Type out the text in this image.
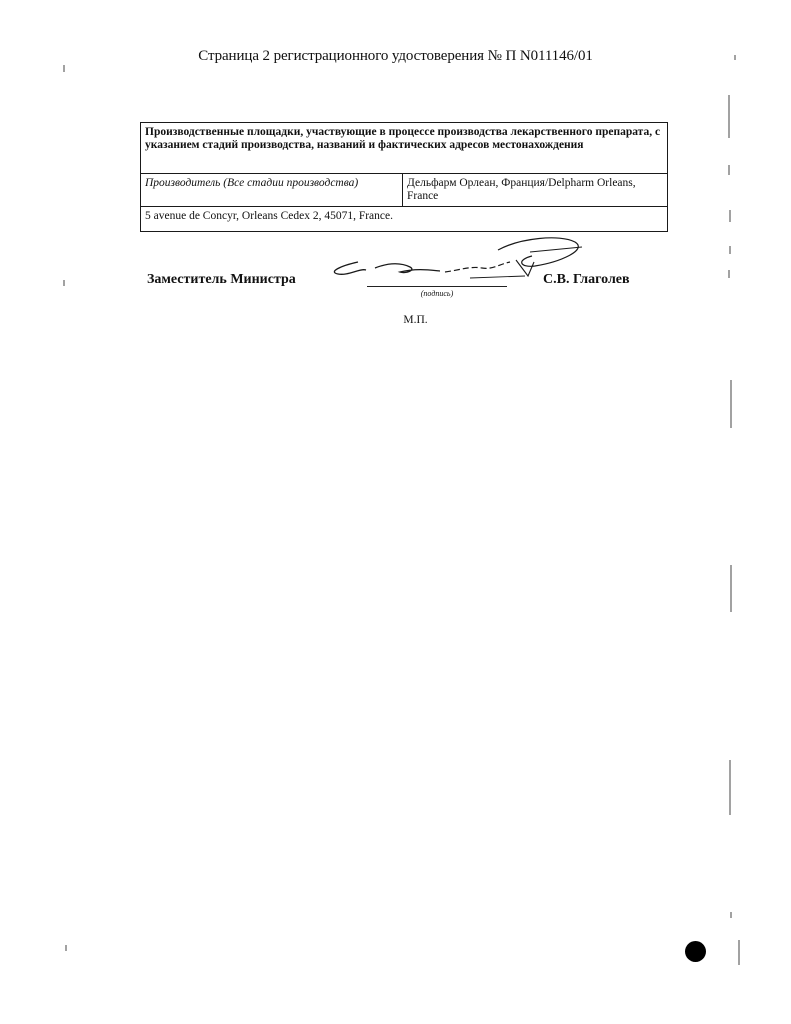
Страница 2 регистрационного удостоверения № П N011146/01
Производственные площадки, участвующие в процессе производства лекарственного препарата, с указанием стадий производства, названий и фактических адресов местонахождения
Производитель (Все стадии производства)	Дельфарм Орлеан, Франция/Delpharm Orleans, France
5 avenue de Concyr, Orleans Cedex 2, 45071, France.
Заместитель Министра
(подпись)
С.В. Глаголев
М.П.
